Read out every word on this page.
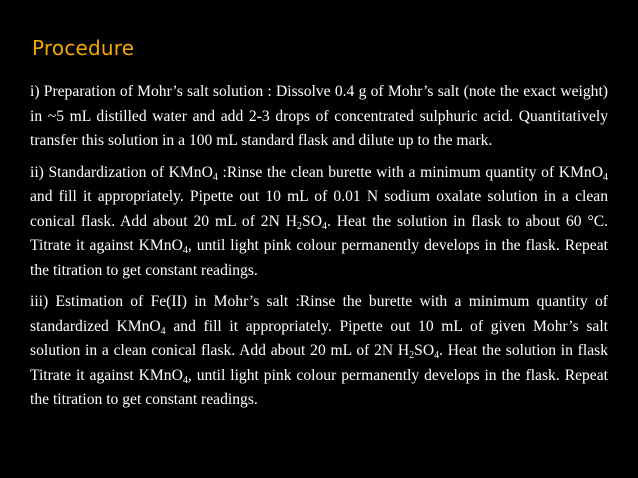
Procedure

i) Preparation of Mohr’s salt solution : Dissolve 0.4 g of Mohr’s salt (note the exact weight) in ~5 mL distilled water and add 2-3 drops of concentrated sulphuric acid. Quantitatively transfer this solution in a 100 mL standard flask and dilute up to the mark.

ii) Standardization of KMnO$_4$ :Rinse the clean burette with a minimum quantity of KMnO$_4$ and fill it appropriately. Pipette out 10 mL of 0.01 N sodium oxalate solution in a clean conical flask. Add about 20 mL of 2N $H_2SO_4$. Heat the solution in flask to about 60 °C. Titrate it against KMnO$_4$, until light pink colour permanently develops in the flask. Repeat the titration to get constant readings.

iii) Estimation of Fe(II) in Mohr’s salt :Rinse the burette with a minimum quantity of standardized KMnO$_4$ and fill it appropriately. Pipette out 10 mL of given Mohr’s salt solution in a clean conical flask. Add about 20 mL of 2N $H_2SO_4$. Heat the solution in flask Titrate it against KMnO$_4$, until light pink colour permanently develops in the flask. Repeat the titration to get constant readings.
